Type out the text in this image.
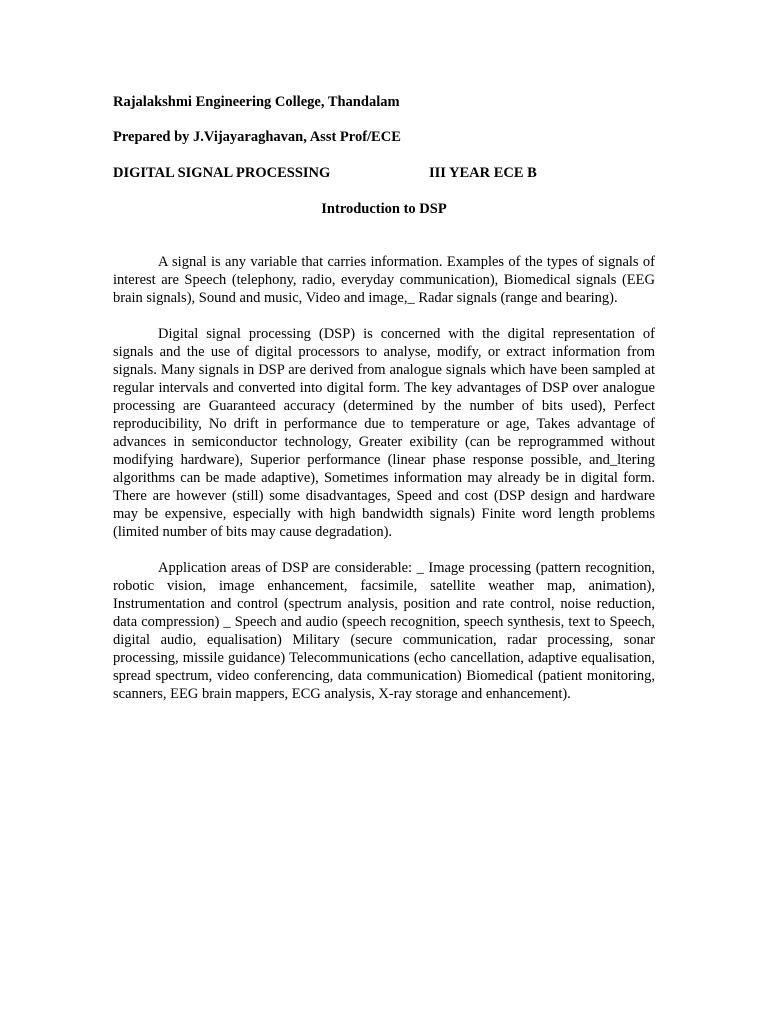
Rajalakshmi Engineering College, Thandalam
Prepared by J.Vijayaraghavan, Asst Prof/ECE
DIGITAL SIGNAL PROCESSING	III YEAR ECE B
Introduction to DSP

A signal is any variable that carries information. Examples of the types of signals of interest are Speech (telephony, radio, everyday communication), Biomedical signals (EEG brain signals), Sound and music, Video and image,_ Radar signals (range and bearing).

Digital signal processing (DSP) is concerned with the digital representation of signals and the use of digital processors to analyse, modify, or extract information from signals. Many signals in DSP are derived from analogue signals which have been sampled at regular intervals and converted into digital form. The key advantages of DSP over analogue processing are Guaranteed accuracy (determined by the number of bits used), Perfect reproducibility, No drift in performance due to temperature or age, Takes advantage of advances in semiconductor technology, Greater exibility (can be reprogrammed without modifying hardware), Superior performance (linear phase response possible, and_ltering algorithms can be made adaptive), Sometimes information may already be in digital form. There are however (still) some disadvantages, Speed and cost (DSP design and hardware may be expensive, especially with high bandwidth signals) Finite word length problems (limited number of bits may cause degradation).

Application areas of DSP are considerable: _ Image processing (pattern recognition, robotic vision, image enhancement, facsimile, satellite weather map, animation), Instrumentation and control (spectrum analysis, position and rate control, noise reduction, data compression) _ Speech and audio (speech recognition, speech synthesis, text to Speech, digital audio, equalisation) Military (secure communication, radar processing, sonar processing, missile guidance) Telecommunications (echo cancellation, adaptive equalisation, spread spectrum, video conferencing, data communication) Biomedical (patient monitoring, scanners, EEG brain mappers, ECG analysis, X-ray storage and enhancement).
